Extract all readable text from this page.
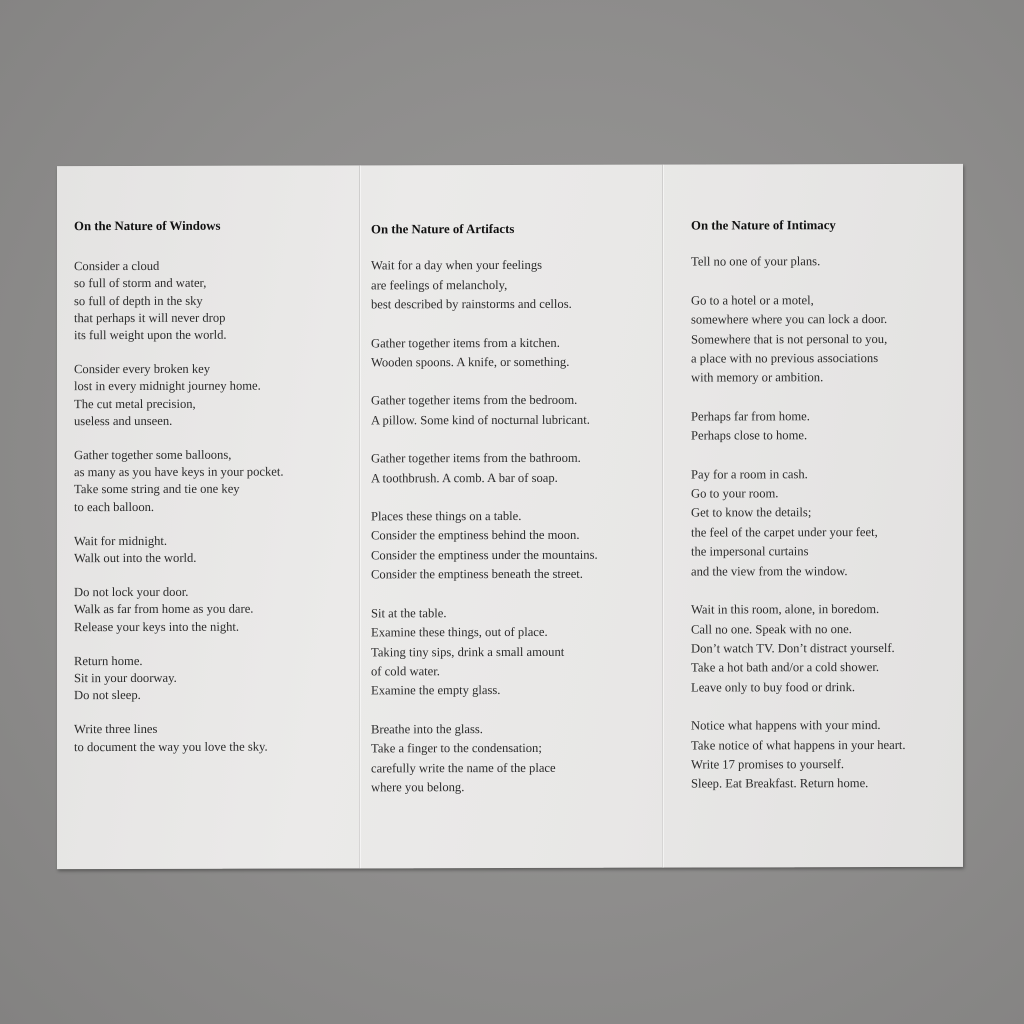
On the Nature of Windows
Consider a cloud
so full of storm and water,
so full of depth in the sky
that perhaps it will never drop
its full weight upon the world.
Consider every broken key
lost in every midnight journey home.
The cut metal precision,
useless and unseen.
Gather together some balloons,
as many as you have keys in your pocket.
Take some string and tie one key
to each balloon.
Wait for midnight.
Walk out into the world.
Do not lock your door.
Walk as far from home as you dare.
Release your keys into the night.
Return home.
Sit in your doorway.
Do not sleep.
Write three lines
to document the way you love the sky.
On the Nature of Artifacts
Wait for a day when your feelings
are feelings of melancholy,
best described by rainstorms and cellos.
Gather together items from a kitchen.
Wooden spoons. A knife, or something.
Gather together items from the bedroom.
A pillow. Some kind of nocturnal lubricant.
Gather together items from the bathroom.
A toothbrush. A comb. A bar of soap.
Places these things on a table.
Consider the emptiness behind the moon.
Consider the emptiness under the mountains.
Consider the emptiness beneath the street.
Sit at the table.
Examine these things, out of place.
Taking tiny sips, drink a small amount
of cold water.
Examine the empty glass.
Breathe into the glass.
Take a finger to the condensation;
carefully write the name of the place
where you belong.
On the Nature of Intimacy
Tell no one of your plans.
Go to a hotel or a motel,
somewhere where you can lock a door.
Somewhere that is not personal to you,
a place with no previous associations
with memory or ambition.
Perhaps far from home.
Perhaps close to home.
Pay for a room in cash.
Go to your room.
Get to know the details;
the feel of the carpet under your feet,
the impersonal curtains
and the view from the window.
Wait in this room, alone, in boredom.
Call no one. Speak with no one.
Don’t watch TV. Don’t distract yourself.
Take a hot bath and/or a cold shower.
Leave only to buy food or drink.
Notice what happens with your mind.
Take notice of what happens in your heart.
Write 17 promises to yourself.
Sleep. Eat Breakfast. Return home.
